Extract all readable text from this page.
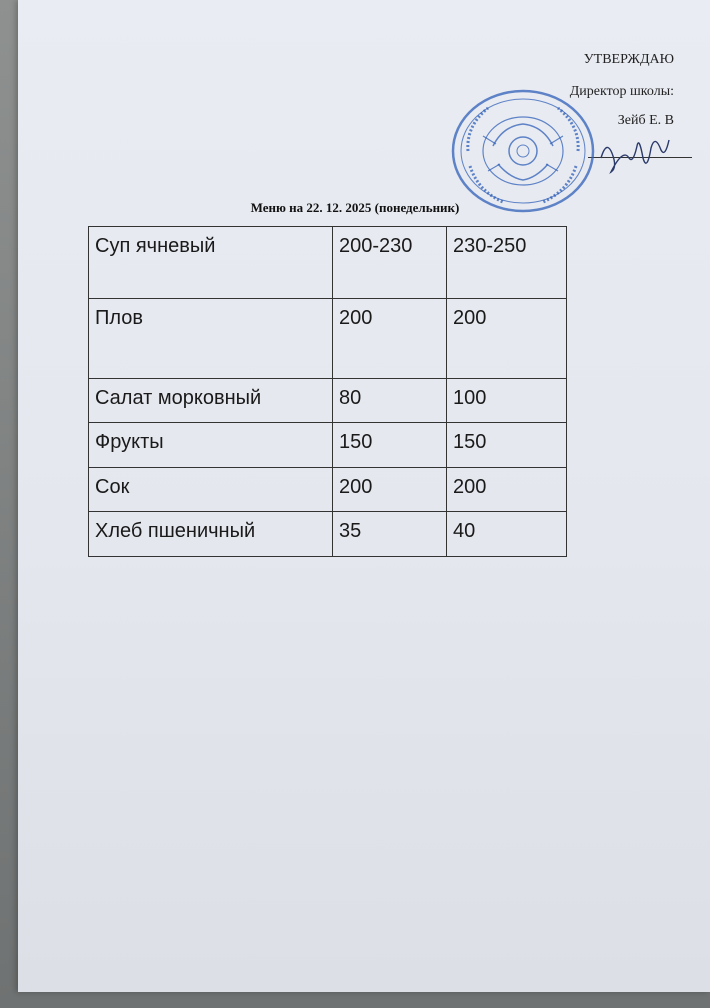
УТВЕРЖДАЮ
Директор школы:
Зейб Е. В
Меню на 22. 12. 2025 (понедельник)
Суп ячневый	200-230	230-250
Плов	200	200
Салат морковный	80	100
Фрукты	150	150
Сок	200	200
Хлеб пшеничный	35	40
